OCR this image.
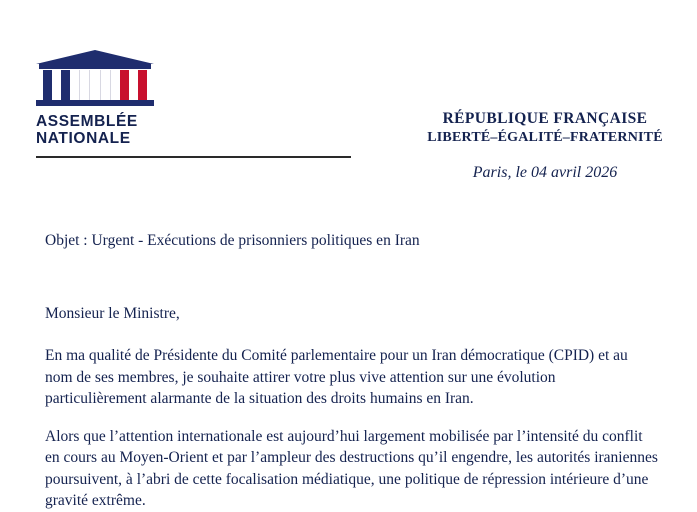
ASSEMBLÉE
NATIONALE
RÉPUBLIQUE FRANÇAISE
LIBERTÉ–ÉGALITÉ–FRATERNITÉ
Paris, le 04 avril 2026
Objet : Urgent - Exécutions de prisonniers politiques en Iran
Monsieur le Ministre,

En ma qualité de Présidente du Comité parlementaire pour un Iran démocratique (CPID) et au nom de ses membres, je souhaite attirer votre plus vive attention sur une évolution particulièrement alarmante de la situation des droits humains en Iran.

Alors que l’attention internationale est aujourd’hui largement mobilisée par l’intensité du conflit en cours au Moyen-Orient et par l’ampleur des destructions qu’il engendre, les autorités iraniennes poursuivent, à l’abri de cette focalisation médiatique, une politique de répression intérieure d’une gravité extrême.
